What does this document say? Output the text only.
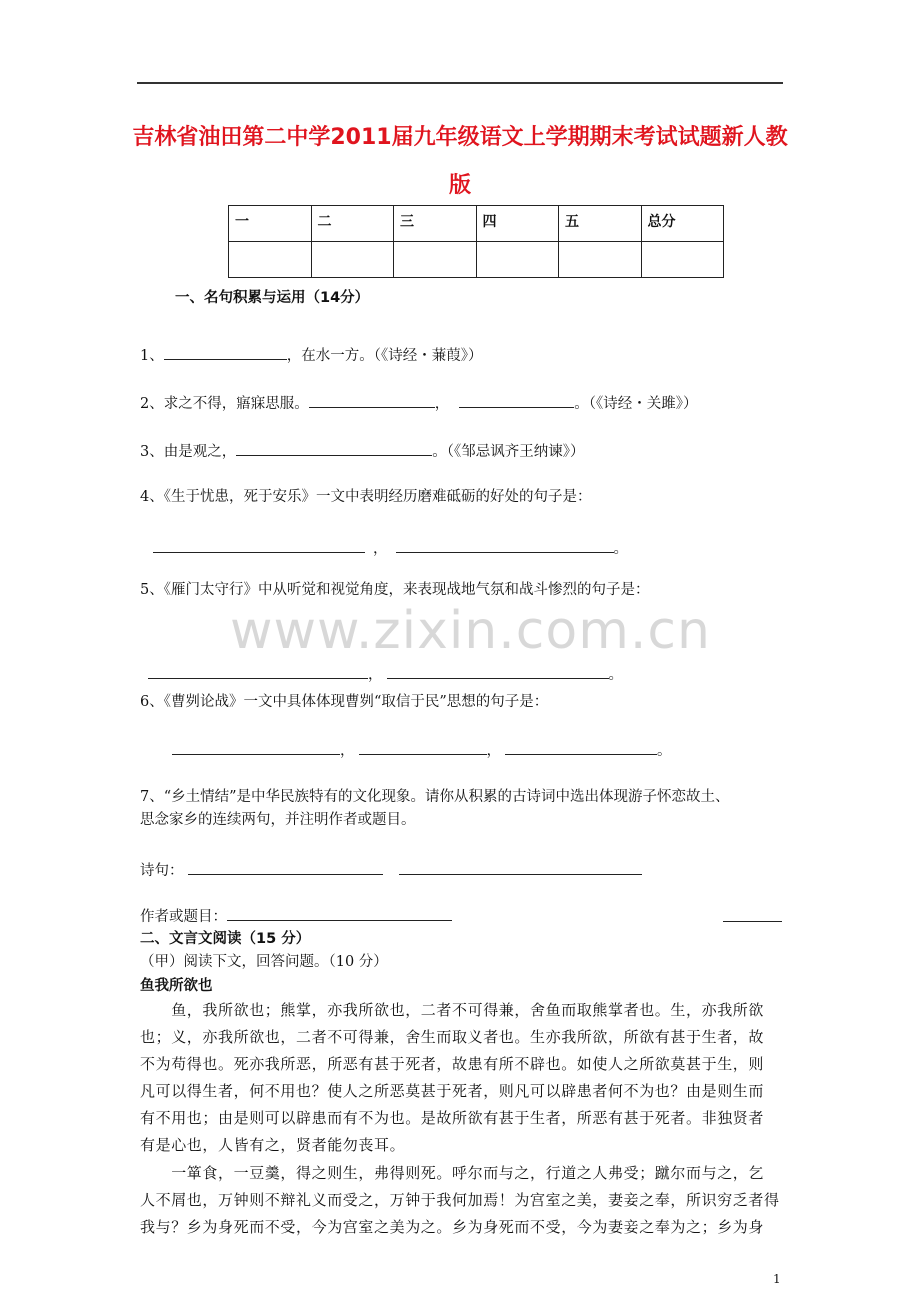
吉林省油田第二中学2011届九年级语文上学期期末考试试题新人教
版
一	二	三	四	五	总分

一、名句积累与运用（14分）
1、	，在水一方。（《诗经・蒹葭》）
2、求之不得，寤寐思服。	，	。（《诗经・关雎》）
3、由是观之，	。（《邹忌讽齐王纳谏》）
4、《生于忧患，死于安乐》一文中表明经历磨难砥砺的好处的句子是：
，	。
5、《雁门太守行》中从听觉和视觉角度，来表现战地气氛和战斗惨烈的句子是：
www.zixin.com.cn
，	。
6、《曹刿论战》一文中具体体现曹刿“取信于民”思想的句子是：
，	，	。
7、“乡土情结”是中华民族特有的文化现象。请你从积累的古诗词中选出体现游子怀恋故土、
思念家乡的连续两句，并注明作者或题目。
诗句：
作者或题目：
二、文言文阅读（15 分）
（甲）阅读下文，回答问题。（10 分）
鱼我所欲也
　　鱼，我所欲也；熊掌，亦我所欲也，二者不可得兼，舍鱼而取熊掌者也。生，亦我所欲
也；义，亦我所欲也，二者不可得兼，舍生而取义者也。生亦我所欲，所欲有甚于生者，故
不为苟得也。死亦我所恶，所恶有甚于死者，故患有所不辟也。如使人之所欲莫甚于生，则
凡可以得生者，何不用也？使人之所恶莫甚于死者，则凡可以辟患者何不为也？由是则生而
有不用也；由是则可以辟患而有不为也。是故所欲有甚于生者，所恶有甚于死者。非独贤者
有是心也，人皆有之，贤者能勿丧耳。
　　一箪食，一豆羹，得之则生，弗得则死。呼尔而与之，行道之人弗受；蹴尔而与之，乞
人不屑也，万钟则不辩礼义而受之，万钟于我何加焉！为宫室之美，妻妾之奉，所识穷乏者得
我与？乡为身死而不受，今为宫室之美为之。乡为身死而不受，今为妻妾之奉为之；乡为身
1
